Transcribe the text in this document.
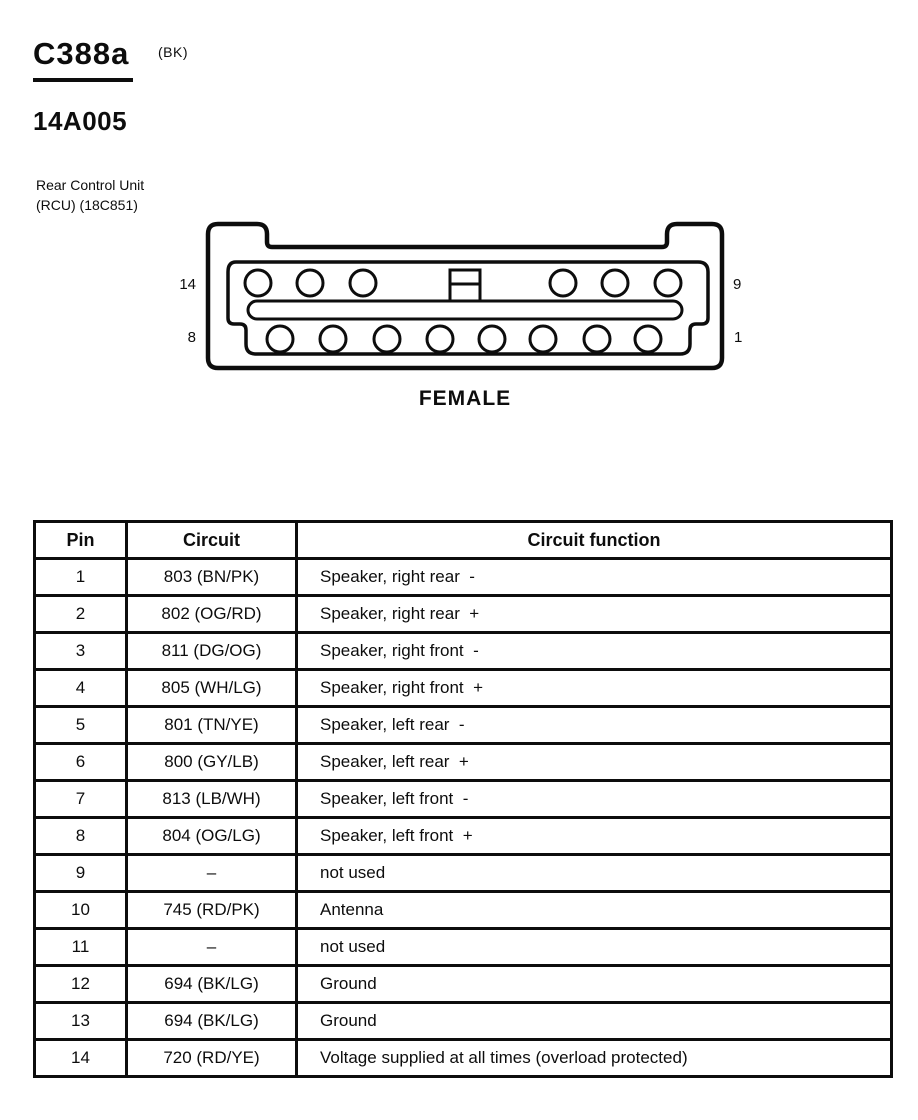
C388a (BK)
14A005
Rear Control Unit
(RCU) (18C851)
14	9
8	1
FEMALE
Pin	Circuit	Circuit function
1	803 (BN/PK)	Speaker, right rear  -
2	802 (OG/RD)	Speaker, right rear  +
3	811 (DG/OG)	Speaker, right front  -
4	805 (WH/LG)	Speaker, right front  +
5	801 (TN/YE)	Speaker, left rear  -
6	800 (GY/LB)	Speaker, left rear  +
7	813 (LB/WH)	Speaker, left front  -
8	804 (OG/LG)	Speaker, left front  +
9	–	not used
10	745 (RD/PK)	Antenna
11	–	not used
12	694 (BK/LG)	Ground
13	694 (BK/LG)	Ground
14	720 (RD/YE)	Voltage supplied at all times (overload protected)
